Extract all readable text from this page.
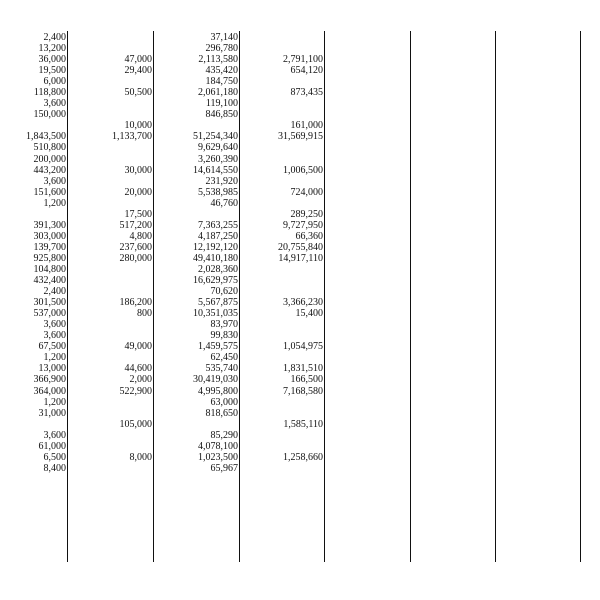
2,400
13,200
36,000
19,500
6,000
118,800
3,600
150,000
1,843,500
510,800
200,000
443,200
3,600
151,600
1,200
391,300
303,000
139,700
925,800
104,800
432,400
2,400
301,500
537,000
3,600
3,600
67,500
1,200
13,000
366,900
364,000
1,200
31,000
3,600
61,000
6,500
8,400
47,000
29,400
50,500
10,000
1,133,700
30,000
20,000
17,500
517,200
4,800
237,600
280,000
186,200
800
49,000
44,600
2,000
522,900
105,000
8,000
37,140
296,780
2,113,580
435,420
184,750
2,061,180
119,100
846,850
51,254,340
9,629,640
3,260,390
14,614,550
231,920
5,538,985
46,760
7,363,255
4,187,250
12,192,120
49,410,180
2,028,360
16,629,975
70,620
5,567,875
10,351,035
83,970
99,830
1,459,575
62,450
535,740
30,419,030
4,995,800
63,000
818,650
85,290
4,078,100
1,023,500
65,967
2,791,100
654,120
873,435
161,000
31,569,915
1,006,500
724,000
289,250
9,727,950
66,360
20,755,840
14,917,110
3,366,230
15,400
1,054,975
1,831,510
166,500
7,168,580
1,585,110
1,258,660
